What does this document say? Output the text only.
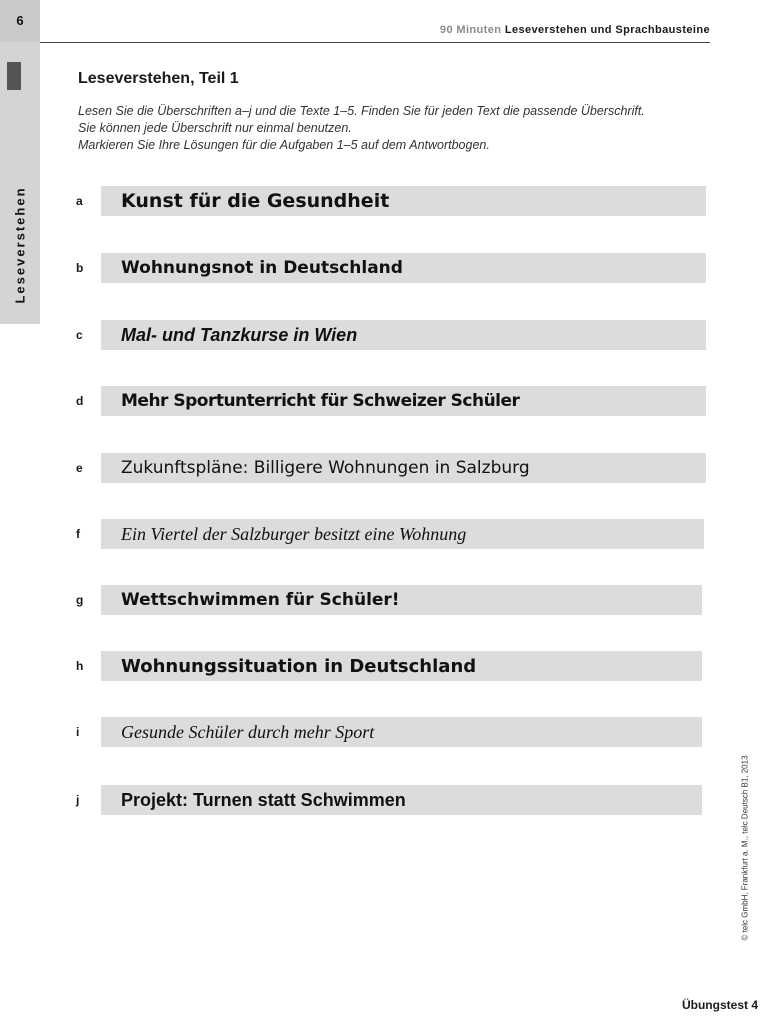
6
Leseverstehen
90 Minuten Leseverstehen und Sprachbausteine
Leseverstehen, Teil 1
Lesen Sie die Überschriften a–j und die Texte 1–5. Finden Sie für jeden Text die passende Überschrift.
Sie können jede Überschrift nur einmal benutzen.
Markieren Sie Ihre Lösungen für die Aufgaben 1–5 auf dem Antwortbogen.
a Kunst für die Gesundheit
b Wohnungsnot in Deutschland
c Mal- und Tanzkurse in Wien
d Mehr Sportunterricht für Schweizer Schüler
e Zukunftspläne: Billigere Wohnungen in Salzburg
f Ein Viertel der Salzburger besitzt eine Wohnung
g Wettschwimmen für Schüler!
h Wohnungssituation in Deutschland
i Gesunde Schüler durch mehr Sport
j Projekt: Turnen statt Schwimmen	© telc GmbH, Frankfurt a. M., telc Deutsch B1, 2013
Übungstest 4
